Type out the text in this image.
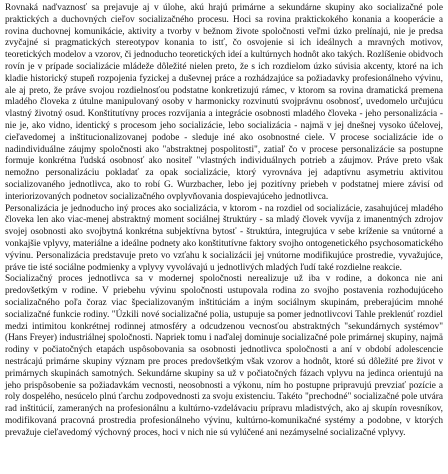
Rovnaká naďvaznosť sa prejavuje aj v úlohe, akú hrajú primárne a sekundárne skupiny ako socializačné pole praktických a duchovných cieľov socializačného procesu. Hoci sa rovina prakticko​kého konania a kooperácie a rovina duchovnej komunikácie, aktivity a tvorby v bežnom živote spoločnosti veľmi úzko prelínajú, nie je predsa zvyčajné si pragmatických stereotypov konania to istť, čo osvojenie si ich ideálnych a mravných motivov, teoretických modelov a vzorov, či jednoducho teoretických ideí a kultúrnych hodnôt ako takých. Rozlíšenie obidvoch rovín je v prípade socializácie mládeže dôležité nielen preto, že s ich rozdielom úzko súvisia akcenty, ktoré na ich kladie historický stupeň rozpojenia fyzickej a duševnej práce a rozhádzajúce sa požiadavky profesionálneho vývinu, ale aj preto, že práve svojou rozdielnosťou podstatne konkretizujú rámec, v ktorom sa rovina dramatická premena mladého človeka z útulne manipulovaný osoby v harmonicky rozvinutú svojprávnu osobnosť, uvedomelo určujúcu vlastný životný osud. Konštitutívny proces rozvíjania a integrácie osobnosti mladého človeka - jeho personalizácia - nie je, ako vidno, identický s procesom jeho socializácie, lebo socializácia - najmä v jej dnešnej vysoko účelovej, cieľavedomej a inštitucionalizovanej podobe - sleduje iné ako osobnostné ciele. V procese socializácie ide o nadindividuálne záujmy spoločnosti ako "abstraktnej pospolitosti", zatiaľ čo v procese personalizácie sa postupne formuje konkrétna ľudská osobnosť ako nositeľ "vlastných individuálnych potrieb a záujmov. Práve preto však nemožno personalizáciu pokladať za opak socializácie, ktorý vyrovnáva jej adaptívnu asymetriu aktivitou socializovaného jednotlivca, ako to robí G. Wurzbacher, lebo jej pozitívny priebeh v podstatnej miere závisí od interiorizovaných podnetov socializačného ovplyvňovania dospievajúceho jednotlivca.

Personalizácia je jednoducho iný proces ako socializácia, v ktorom - na rozdiel od socializácie, zasahujúcej mladého človeka len ako viac-menej abstraktný moment sociálnej štruktúry - sa mladý človek vyvíja z imanentných zdrojov svojej osobnosti ako svojbytná konkrétna subjektívna bytosť - štruktúra, integrujúca v sebe kríženie sa vnútorné a vonkajšie vplyvy, materiálne a ideálne podnety ako konštitutívne faktory svojho ontogenetického psychosomatického vývinu. Personalizácia predstavuje preto vo vzťahu k socializácii jej vnútorne modifikujúce prostredie, vyvažujúce, práve tie isté sociálne podmienky a vplyvy vyvolávajú u jednotlivých mladých ľudí také rozdielne reakcie.

Socializačný proces jednotlivca sa v modernej spoločnosti nerealizuje už iba v rodine, a dokonca nie ani predovšetkým v rodine. V priebehu vývinu spoločnosti ustupovala rodina zo svojho postavenia rozhodujúceho socializačného poľa čoraz viac špecializovaným inštitúciám a iným sociálnym skupinám, preberajúcim mnohé socializačné funkcie rodiny. "Úzkili nové socializačné polia, ustupuje sa pomer jednotlivcovi Tahle preklenúť rozdiel medzi intimitou konkrétnej rodinnej atmosféry a odcudzenou vecnosťou abstraktných "sekundárnych systémov" (Hans Freyer) industriálnej spoločnosti. Napriek tomu i naďalej dominuje socializačné pole primárnej skupiny, najmä rodiny v počiatočných etapách uspôsobovania sa osobnosti jednotlivca spoločnosti a aní v období adolescencie nestrácajú primárne skupiny význam pre proces predovšetkým však vzorov a hodnôt, ktoré sú dôležité pre život v primárnych skupinách samotných. Sekundárne skupiny sa už v počiatočných fázach vplyvu na jedinca orientujú na jeho prispôsobenie sa požiadavkám vecnosti, neosobnosti a výkonu, ním ho postupne pripravujú prevziať pozície a roly dospelého, nesúcelo plnú ťarchu zodpovednosti za svoju existenciu. Takéto "prechodné" socializačné pole utvára rad inštitúcií, zameraných na profesionálnu a kultúrno-vzdelávaciu prípravu mladistvých, ako aj skupín rovesníkov, modifikovaná pracovná prostredia profesionálneho vývinu, kultúrno-komunikačné systémy a podobne, v ktorých prevažuje cieľavedomý výchovný proces, hoci v nich nie sú vylúčené ani nezámyselné socializačné vplyvy.
